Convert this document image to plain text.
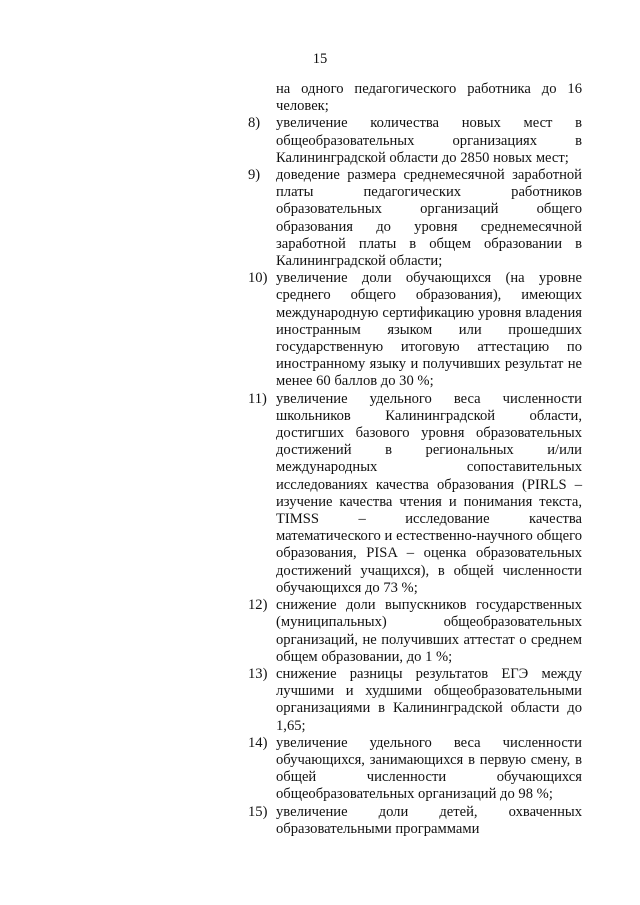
15
на одного педагогического работника до 16 человек;
8) увеличение количества новых мест в общеобразовательных организациях в Калининградской области до 2850 новых мест;
9) доведение размера среднемесячной заработной платы педагогических работников образовательных организаций общего образования до уровня среднемесячной заработной платы в общем образовании в Калининградской области;
10) увеличение доли обучающихся (на уровне среднего общего образования), имеющих международную сертификацию уровня владения иностранным языком или прошедших государственную итоговую аттестацию по иностранному языку и получивших результат не менее 60 баллов до 30 %;
11) увеличение удельного веса численности школьников Калининградской области, достигших базового уровня образовательных достижений в региональных и/или международных сопоставительных исследованиях качества образования (PIRLS – изучение качества чтения и понимания текста, TIMSS – исследование качества математического и естественно-научного общего образования, PISA – оценка образовательных достижений учащихся), в общей численности обучающихся до 73 %;
12) снижение доли выпускников государственных (муниципальных) общеобразовательных организаций, не получивших аттестат о среднем общем образовании, до 1 %;
13) снижение разницы результатов ЕГЭ между лучшими и худшими общеобразовательными организациями в Калининградской области до 1,65;
14) увеличение удельного веса численности обучающихся, занимающихся в первую смену, в общей численности обучающихся общеобразовательных организаций до 98 %;
15) увеличение доли детей, охваченных образовательными программами
